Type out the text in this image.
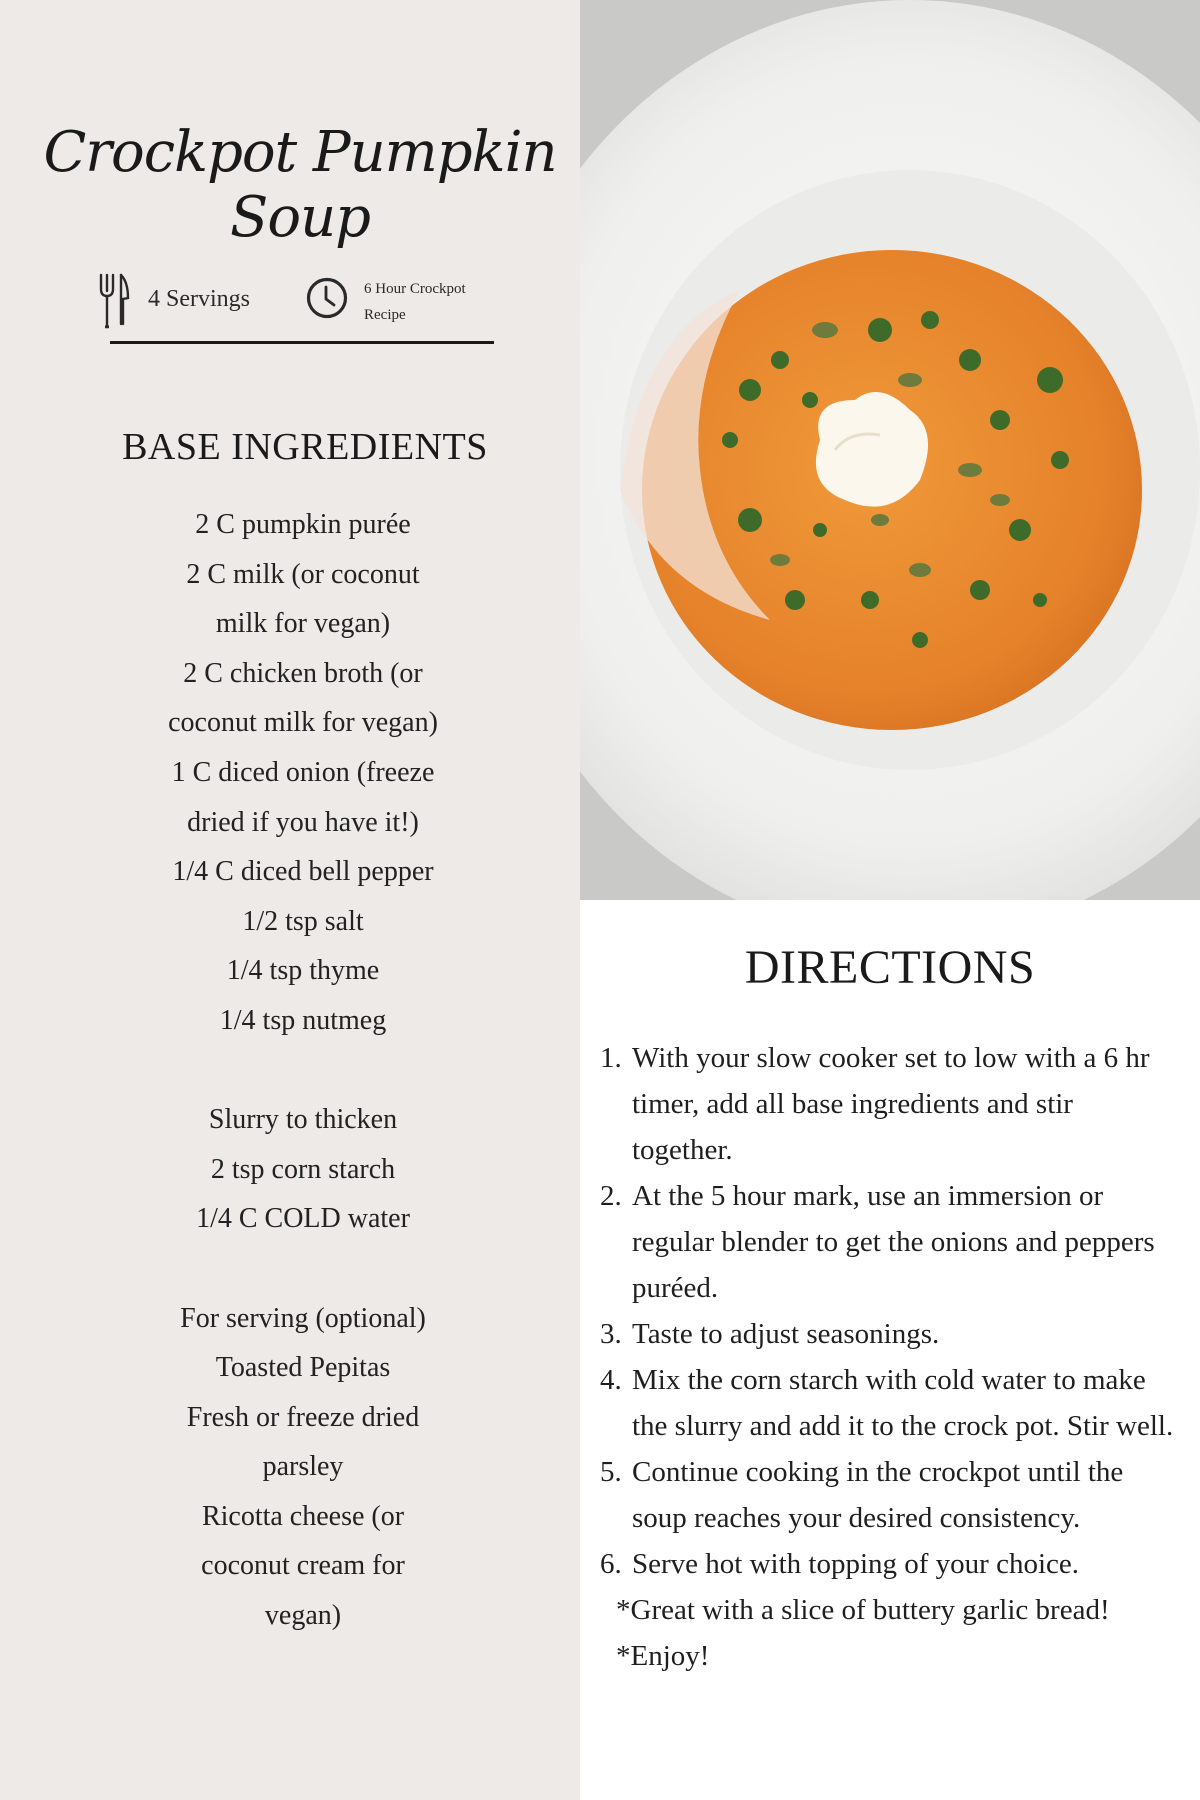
Crockpot Pumpkin Soup
4 Servings	6 Hour Crockpot
Recipe
BASE INGREDIENTS
2 C pumpkin purée
2 C milk (or coconut
milk for vegan)
2 C chicken broth (or
coconut milk for vegan)
1 C diced onion (freeze
dried if you have it!)
1/4 C diced bell pepper
1/2 tsp salt
1/4 tsp thyme
1/4 tsp nutmeg
Slurry to thicken
2 tsp corn starch
1/4 C COLD water
For serving (optional)
Toasted Pepitas
Fresh or freeze dried
parsley
Ricotta cheese (or
coconut cream for
vegan)
DIRECTIONS
1. With your slow cooker set to low with a 6 hr timer, add all base ingredients and stir together.
2. At the 5 hour mark, use an immersion or regular blender to get the onions and peppers puréed.
3. Taste to adjust seasonings.
4. Mix the corn starch with cold water to make the slurry and add it to the crock pot. Stir well.
5. Continue cooking in the crockpot until the soup reaches your desired consistency.
6. Serve hot with topping of your choice.
*Great with a slice of buttery garlic bread!
*Enjoy!
